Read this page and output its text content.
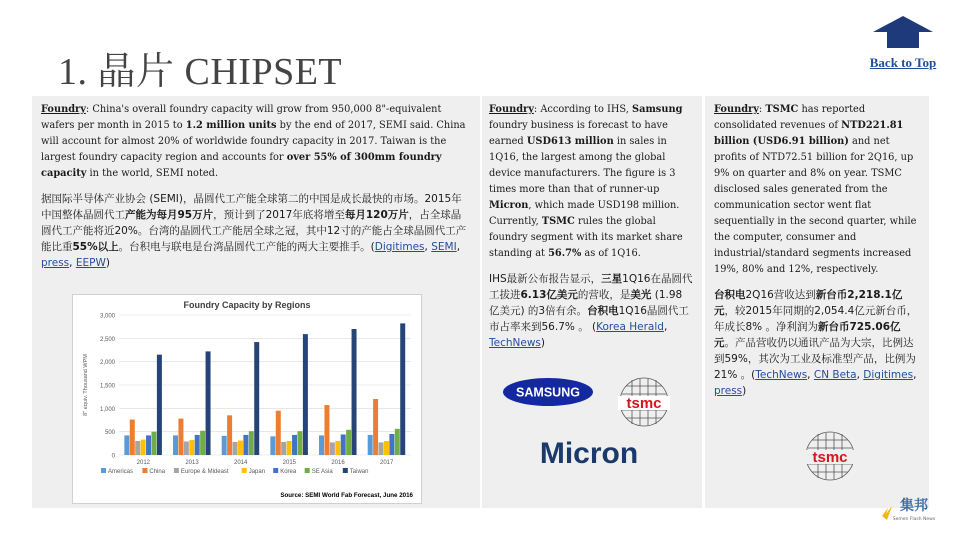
1. 晶片 CHIPSET	Back to Top

Foundry: China's overall foundry capacity will grow from 950,000 8"-equivalent wafers per month in 2015 to 1.2 million units by the end of 2017, SEMI said. China will account for almost 20% of worldwide foundry capacity in 2017. Taiwan is the largest foundry capacity region and accounts for over 55% of 300mm foundry capacity in the world, SEMI noted.

据国际半导体产业协会 (SEMI)，晶圆代工产能全球第二的中国是成长最快的市场。2015年中国整体晶圆代工产能为每月95万片，预计到了2017年底将增至每月120万片，占全球晶圆代工产能将近20%。台湾的晶圆代工产能居全球之冠，其中12寸的产能占全球晶圆代工产能比重55%以上。台积电与联电是台湾晶圆代工产能的两大主要推手。(Digitimes, SEMI, press, EEPW)

Foundry Capacity by Regions
0
500
1,000
1,500
2,000
2,500
3,000
8" equiv. Thousand WPM
2012	2013	2014	2015	2016	2017
Americas	China	Europe & Mideast	Japan	Korea	SE Asia	Taiwan
Source: SEMI World Fab Forecast, June 2016

Foundry: According to IHS, Samsung foundry business is forecast to have earned USD613 million in sales in 1Q16, the largest among the global device manufacturers. The figure is 3 times more than that of runner-up Micron, which made USD198 million. Currently, TSMC rules the global foundry segment with its market share standing at 56.7% as of 1Q16.

IHS最新公布报告显示，三星1Q16在晶圆代工拔进6.13亿美元的营收，是美光 (1.98 亿美元) 的3倍有余。台积电1Q16晶圆代工市占率来到56.7% 。 (Korea Herald, TechNews)

Foundry: TSMC has reported consolidated revenues of NTD221.81 billion (USD6.91 billion) and net profits of NTD72.51 billion for 2Q16, up 9% on quarter and 8% on year. TSMC disclosed sales generated from the communication sector went flat sequentially in the second quarter, while the computer, consumer and industrial/standard segments increased 19%, 80% and 12%, respectively.

台积电2Q16营收达到新台币2,218.1亿元，较2015年同期的2,054.4亿元新台币，年成长8% 。净利润为新台币725.06亿元。产品营收仍以通讯产品为大宗，比例达到59%，其次为工业及标准型产品，比例为21% 。(TechNews, CN Beta, Digitimes, press)

SAMSUNG
tsmc
Micron	tsmc
集邦
Semen Flash News
